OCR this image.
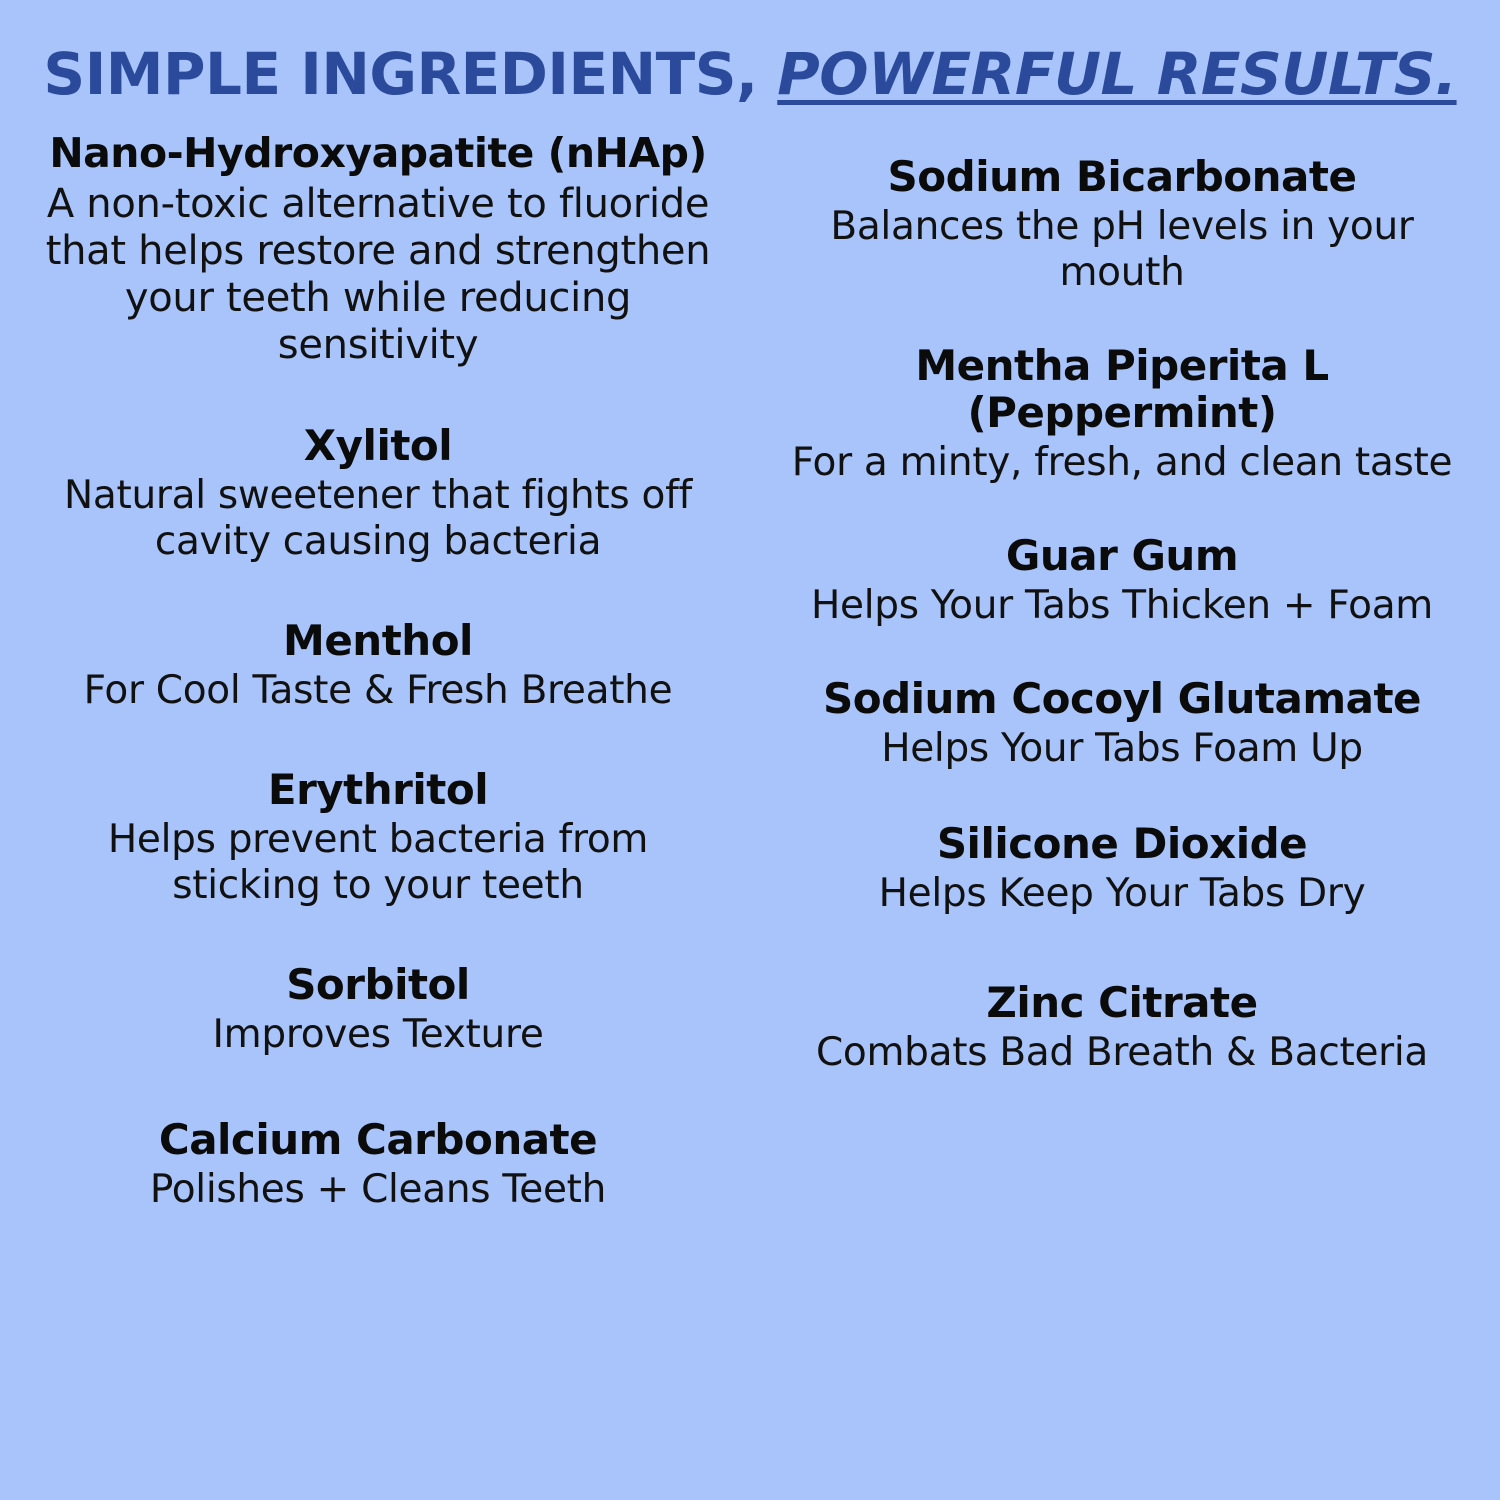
SIMPLE INGREDIENTS, POWERFUL RESULTS.

Nano-Hydroxyapatite (nHAp)

A non-toxic alternative to fluoride that helps restore and strengthen your teeth while reducing sensitivity

Xylitol

Natural sweetener that fights off cavity causing bacteria

Menthol

For Cool Taste & Fresh Breathe

Erythritol

Helps prevent bacteria from sticking to your teeth

Sorbitol

Improves Texture

Calcium Carbonate

Polishes + Cleans Teeth

Sodium Bicarbonate

Balances the pH levels in your mouth

Mentha Piperita L (Peppermint)

For a minty, fresh, and clean taste

Guar Gum

Helps Your Tabs Thicken + Foam

Sodium Cocoyl Glutamate

Helps Your Tabs Foam Up

Silicone Dioxide

Helps Keep Your Tabs Dry

Zinc Citrate

Combats Bad Breath & Bacteria
